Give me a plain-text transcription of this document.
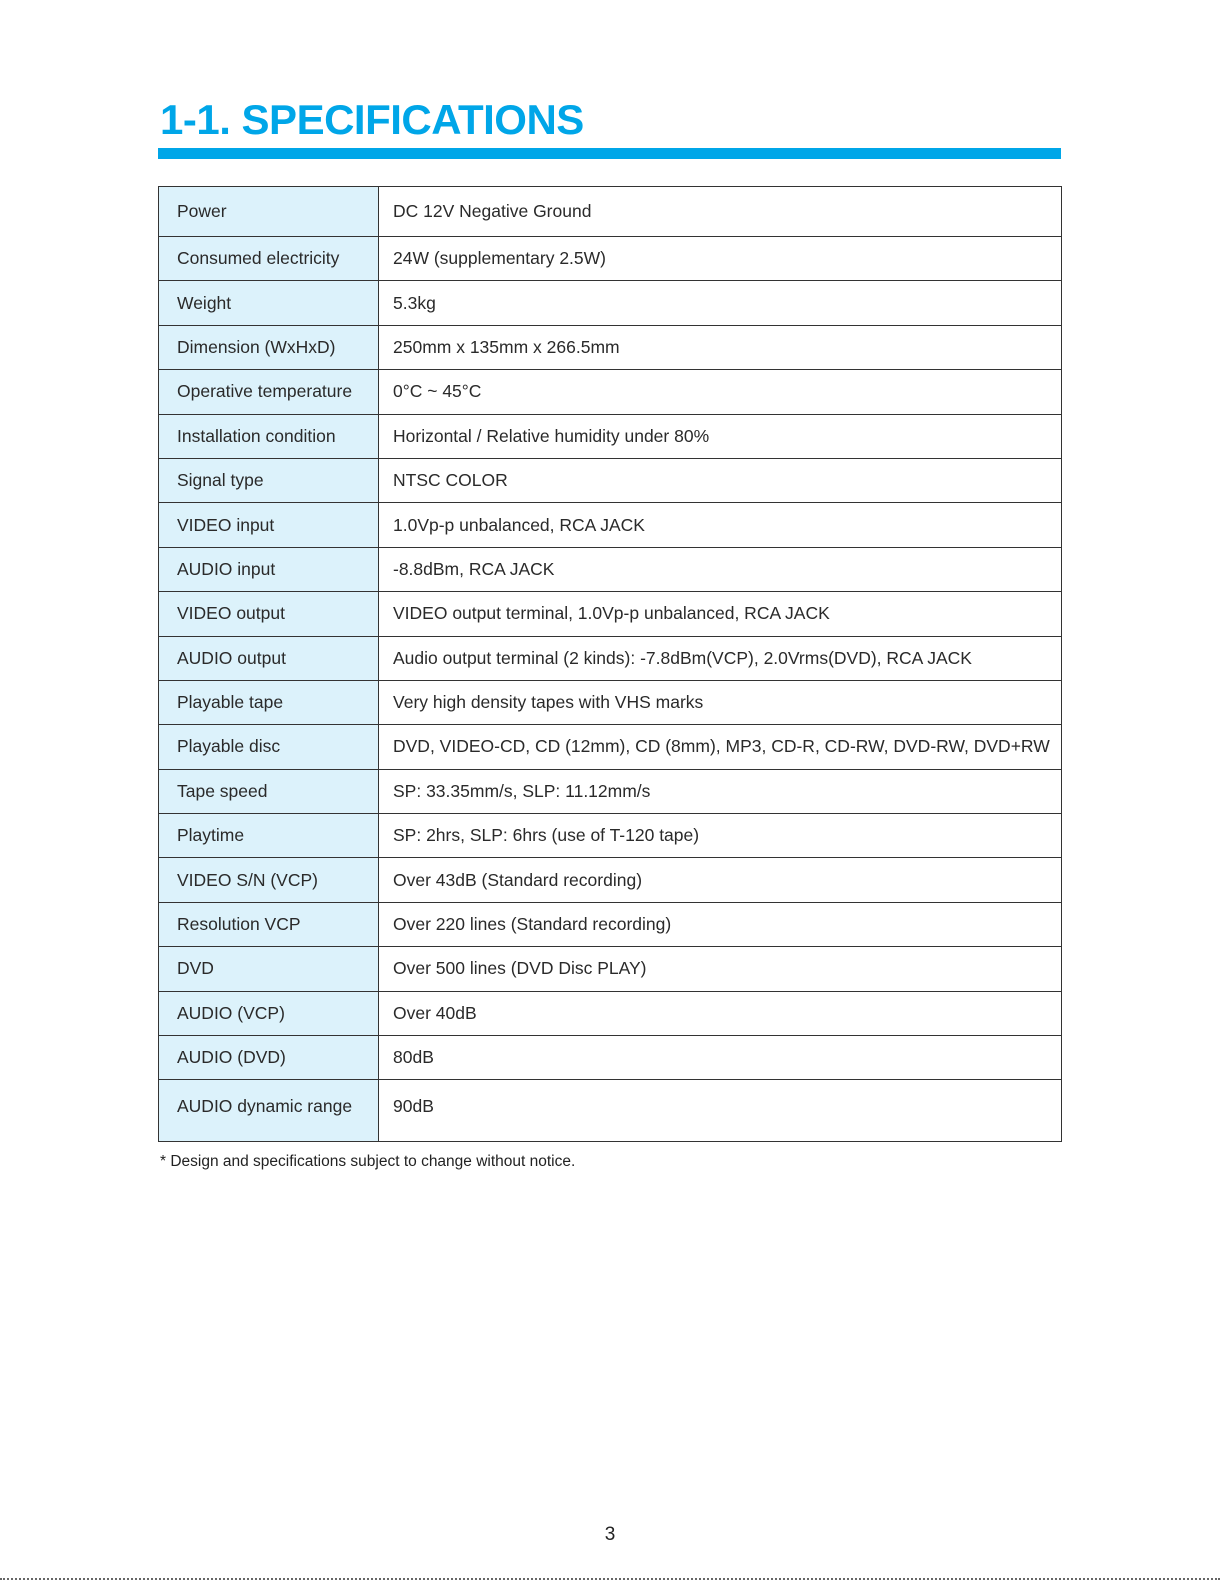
1-1. SPECIFICATIONS
Power	DC 12V Negative Ground
Consumed electricity	24W (supplementary 2.5W)
Weight	5.3kg
Dimension (WxHxD)	250mm x 135mm x 266.5mm
Operative temperature	0°C ~ 45°C
Installation condition	Horizontal / Relative humidity under 80%
Signal type	NTSC COLOR
VIDEO input	1.0Vp-p unbalanced, RCA JACK
AUDIO input	-8.8dBm, RCA JACK
VIDEO output	VIDEO output terminal, 1.0Vp-p unbalanced, RCA JACK
AUDIO output	Audio output terminal (2 kinds): -7.8dBm(VCP), 2.0Vrms(DVD), RCA JACK
Playable tape	Very high density tapes with VHS marks
Playable disc	DVD, VIDEO-CD, CD (12mm), CD (8mm), MP3, CD-R, CD-RW, DVD-RW, DVD+RW
Tape speed	SP: 33.35mm/s, SLP: 11.12mm/s
Playtime	SP: 2hrs, SLP: 6hrs (use of T-120 tape)
VIDEO S/N (VCP)	Over 43dB (Standard recording)
Resolution VCP	Over 220 lines (Standard recording)
DVD	Over 500 lines (DVD Disc PLAY)
AUDIO (VCP)	Over 40dB
AUDIO (DVD)	80dB
AUDIO dynamic range	90dB

* Design and specifications subject to change without notice.

3
